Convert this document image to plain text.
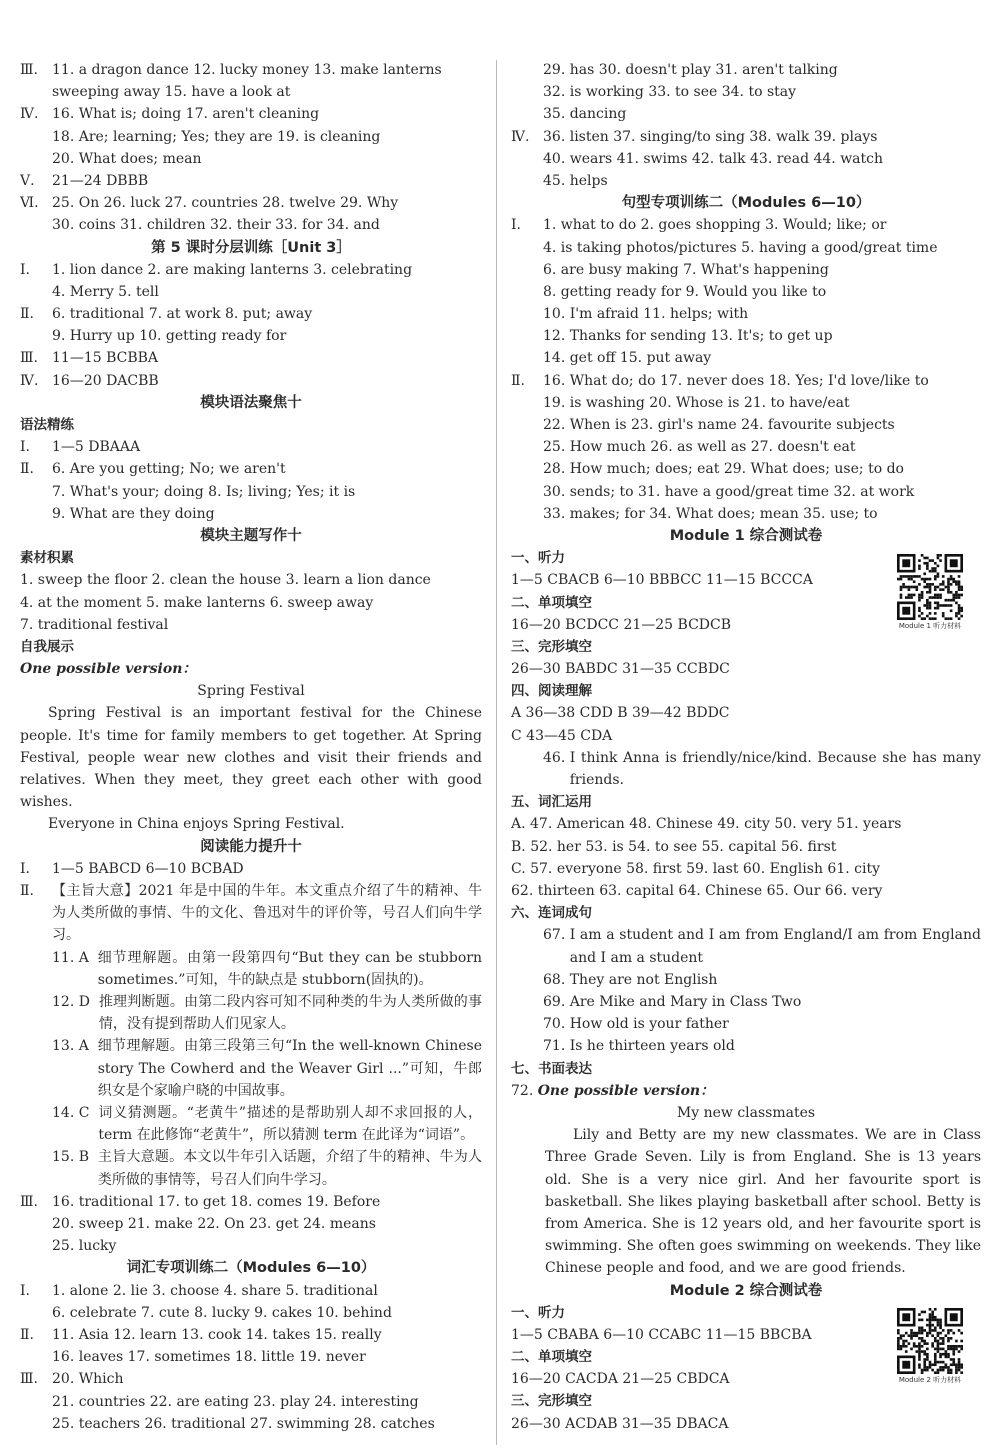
Ⅲ. 11. a dragon dance 12. lucky money 13. make lanterns
sweeping away 15. have a look at
Ⅳ. 16. What is; doing 17. aren't cleaning
18. Are; learning; Yes; they are 19. is cleaning
20. What does; mean
Ⅴ. 21—24 DBBB
Ⅵ. 25. On 26. luck 27. countries 28. twelve 29. Why
30. coins 31. children 32. their 33. for 34. and
第 5 课时分层训练［Unit 3］
Ⅰ. 1. lion dance 2. are making lanterns 3. celebrating
4. Merry 5. tell
Ⅱ. 6. traditional 7. at work 8. put; away
9. Hurry up 10. getting ready for
Ⅲ. 11—15 BCBBA
Ⅳ. 16—20 DACBB
模块语法聚焦十
语法精练
Ⅰ. 1—5 DBAAA
Ⅱ. 6. Are you getting; No; we aren't
7. What's your; doing 8. Is; living; Yes; it is
9. What are they doing
模块主题写作十
素材积累
1. sweep the floor 2. clean the house 3. learn a lion dance
4. at the moment 5. make lanterns 6. sweep away
7. traditional festival
自我展示
One possible version：
Spring Festival

Spring Festival is an important festival for the Chinese people. It's time for family members to get together. At Spring Festival, people wear new clothes and visit their friends and relatives. When they meet, they greet each other with good wishes.

Everyone in China enjoys Spring Festival.

阅读能力提升十
Ⅰ. 1—5 BABCD 6—10 BCBAD
Ⅱ.	【主旨大意】2021 年是中国的牛年。本文重点介绍了牛的精神、牛为人类所做的事情、牛的文化、鲁迅对牛的评价等，号召人们向牛学习。
11. A 细节理解题。由第一段第四句“But they can be stubborn sometimes.”可知，牛的缺点是 stubborn(固执的)。
12. D 推理判断题。由第二段内容可知不同种类的牛为人类所做的事情，没有提到帮助人们见家人。
13. A 细节理解题。由第三段第三句“In the well-known Chinese story The Cowherd and the Weaver Girl ...”可知，牛郎织女是个家喻户晓的中国故事。
14. C 词义猜测题。“老黄牛”描述的是帮助别人却不求回报的人，term 在此修饰“老黄牛”，所以猜测 term 在此译为“词语”。
15. B 主旨大意题。本文以牛年引入话题，介绍了牛的精神、牛为人类所做的事情等，号召人们向牛学习。
Ⅲ. 16. traditional 17. to get 18. comes 19. Before
20. sweep 21. make 22. On 23. get 24. means
25. lucky
词汇专项训练二（Modules 6—10）
Ⅰ. 1. alone 2. lie 3. choose 4. share 5. traditional
6. celebrate 7. cute 8. lucky 9. cakes 10. behind
Ⅱ. 11. Asia 12. learn 13. cook 14. takes 15. really
16. leaves 17. sometimes 18. little 19. never
Ⅲ. 20. Which
21. countries 22. are eating 23. play 24. interesting
25. teachers 26. traditional 27. swimming 28. catches
29. has 30. doesn't play 31. aren't talking
32. is working 33. to see 34. to stay
35. dancing
Ⅳ. 36. listen 37. singing/to sing 38. walk 39. plays
40. wears 41. swims 42. talk 43. read 44. watch
45. helps
句型专项训练二（Modules 6—10）
Ⅰ. 1. what to do 2. goes shopping 3. Would; like; or
4. is taking photos/pictures 5. having a good/great time
6. are busy making 7. What's happening
8. getting ready for 9. Would you like to
10. I'm afraid 11. helps; with
12. Thanks for sending 13. It's; to get up
14. get off 15. put away
Ⅱ. 16. What do; do 17. never does 18. Yes; I'd love/like to
19. is washing 20. Whose is 21. to have/eat
22. When is 23. girl's name 24. favourite subjects
25. How much 26. as well as 27. doesn't eat
28. How much; does; eat 29. What does; use; to do
30. sends; to 31. have a good/great time 32. at work
33. makes; for 34. What does; mean 35. use; to
Module 1 综合测试卷
一、听力
1—5 CBACB 6—10 BBBCC 11—15 BCCCA
二、单项填空
16—20 BCDCC 21—25 BCDCB
三、完形填空
26—30 BABDC 31—35 CCBDC
四、阅读理解
A 36—38 CDD B 39—42 BDDC
C 43—45 CDA
46. I think Anna is friendly/nice/kind. Because she has many friends.
五、词汇运用
A. 47. American 48. Chinese 49. city 50. very 51. years
B. 52. her 53. is 54. to see 55. capital 56. first
C. 57. everyone 58. first 59. last 60. English 61. city
62. thirteen 63. capital 64. Chinese 65. Our 66. very
六、连词成句
67. I am a student and I am from England/I am from England and I am a student
68. They are not English
69. Are Mike and Mary in Class Two
70. How old is your father
71. Is he thirteen years old
七、书面表达
72. One possible version：
My new classmates

Lily and Betty are my new classmates. We are in Class Three Grade Seven. Lily is from England. She is 13 years old. She is a very nice girl. And her favourite sport is basketball. She likes playing basketball after school. Betty is from America. She is 12 years old, and her favourite sport is swimming. She often goes swimming on weekends. They like Chinese people and food, and we are good friends.

Module 2 综合测试卷
一、听力
1—5 CBABA 6—10 CCABC 11—15 BBCBA
二、单项填空
16—20 CACDA 21—25 CBDCA
三、完形填空
26—30 ACDAB 31—35 DBACA
Module 1 听力材料
Module 2 听力材料
